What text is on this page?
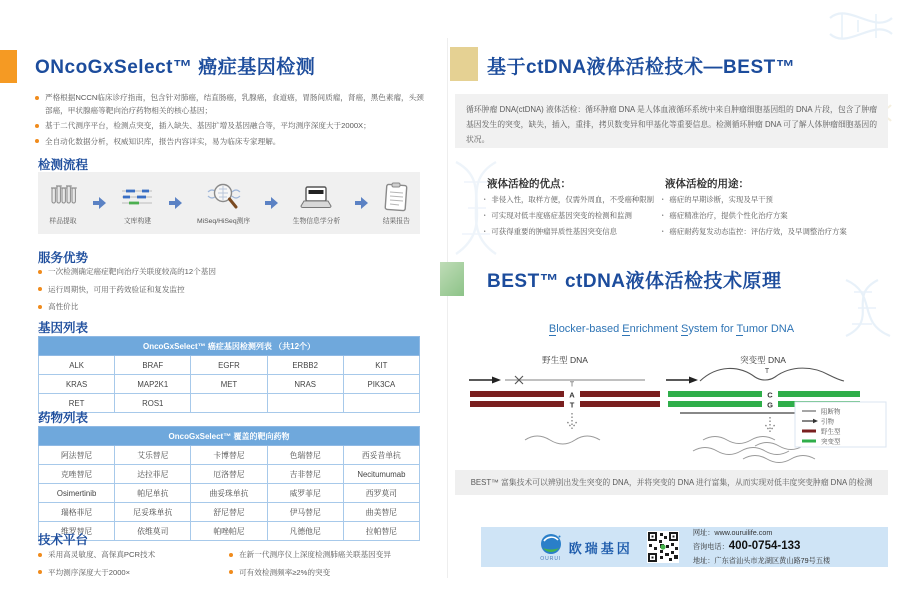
ONcoGxSelect™ 癌症基因检测
严格根据NCCN临床诊疗指南，包含针对肺癌，结直肠癌，乳腺癌，食道癌，胃肠间质瘤，肾癌，黑色素瘤，头颈部癌，甲状腺癌等靶向治疗药物相关的核心基因；
基于二代测序平台，检测点突变，插入缺失、基因扩增及基因融合等，平均测序深度大于2000X；
全自动化数据分析，权威知识库，报告内容详实，易为临床专家理解。
检测流程
样品提取	文库构建	MiSeq/HiSeq测序	生物信息学分析	结果报告
服务优势
一次检测确定癌症靶向治疗关联度较高的12个基因
运行周期快，可用于药效验证和复发监控
高性价比
基因列表
OncoGxSelect™ 癌症基因检测列表 （共12个）				
ALK	BRAF	EGFR	ERBB2	KIT
KRAS	MAP2K1	MET	NRAS	PIK3CA
RET	ROS1			
药物列表
OncoGxSelect™ 覆盖的靶向药物				
阿法替尼	艾乐替尼	卡博替尼	色瑞替尼	西妥昔单抗
克唑替尼	达拉菲尼	厄洛替尼	吉非替尼	Necitumumab
Osimertinib	帕尼单抗	曲妥珠单抗	威罗菲尼	西罗莫司
瑞格菲尼	尼妥珠单抗	舒尼替尼	伊马替尼	曲美替尼
维罗替尼	依维莫司	帕唑帕尼	凡德他尼	拉帕替尼
技术平台
采用高灵敏度、高保真PCR技术
平均测序深度大于2000×
在新一代测序仪上深度检测肺癌关联基因变异
可有效检测频率≥2%的突变
基于ctDNA液体活检技术—BEST™
循环肿瘤 DNA(ctDNA) 液体活检：循环肿瘤 DNA 是人体血液循环系统中来自肿瘤细胞基因组的 DNA 片段，包含了肿瘤基因发生的突变，缺失，插入，重排，拷贝数变异和甲基化等重要信息。检测循环肿瘤 DNA 可了解人体肿瘤细胞基因的状况。
液体活检的优点：
・ 非侵入性，取样方便，仅需外周血，不受癌种限制
・ 可实现对低丰度癌症基因突变的检测和监测
・ 可获得重要的肿瘤异质性基因突变信息
液体活检的用途：
・ 癌症的早期诊断，实现及早干预
・ 癌症精准治疗，提供个性化治疗方案
・ 癌症耐药复发动态监控：评估疗效，及早调整治疗方案
BEST™ ctDNA液体活检技术原理
Blocker-based Enrichment System for Tumor DNA
野生型 DNA
T
A
T
突变型 DNA
T
C
G
阻断物
引物
野生型
突变型
BEST™ 富集技术可以辨别出发生突变的 DNA，并将突变的 DNA 进行富集，从而实现对低丰度突变肿瘤 DNA 的检测
OURUI
欧瑞基因
网址：www.ouruilife.com
咨询电话：400-0754-133
地址：广东省汕头市龙湖区黄山路79号五楼
